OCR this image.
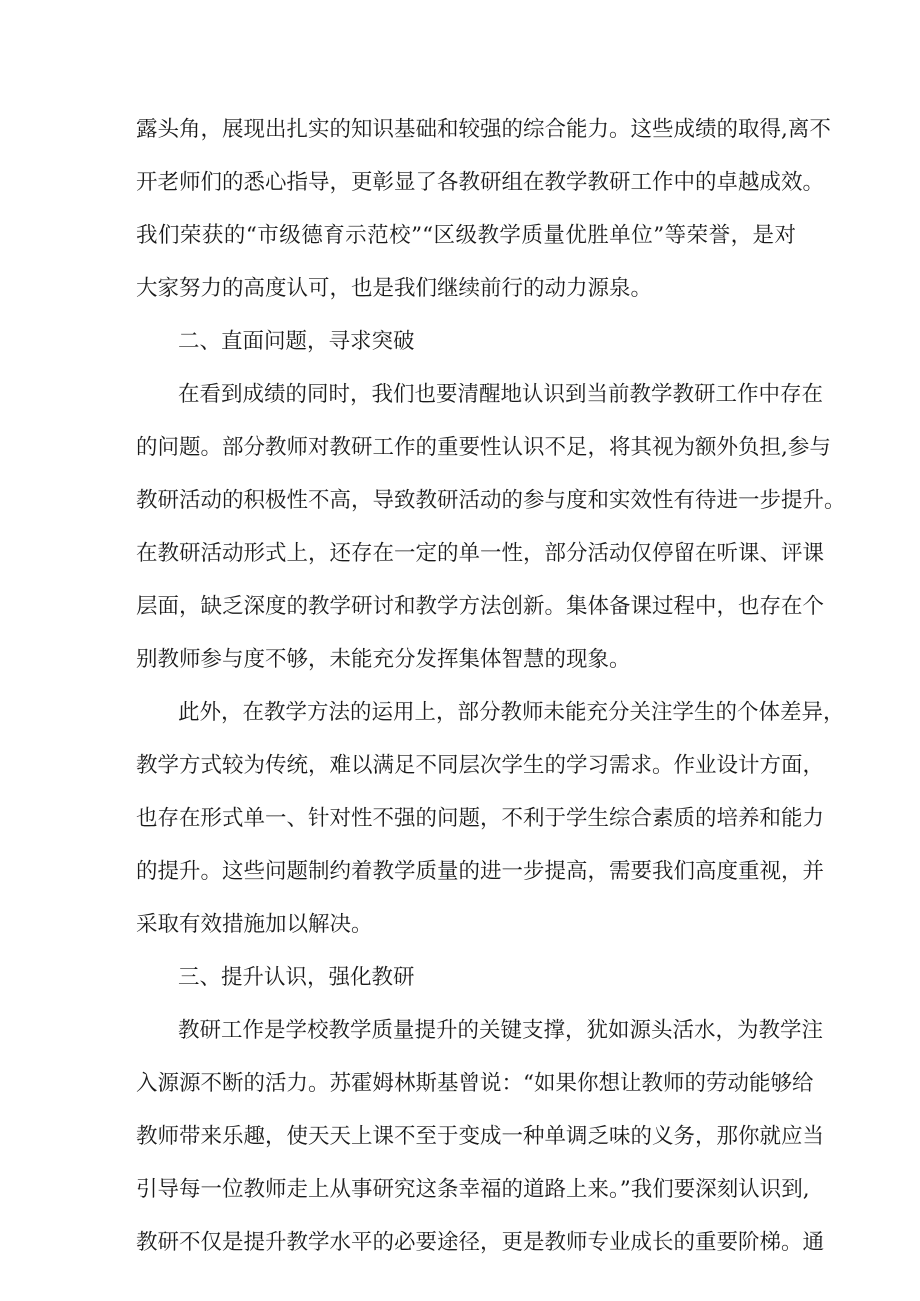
露头角，展现出扎实的知识基础和较强的综合能力。这些成绩的取得,离不
开老师们的悉心指导，更彰显了各教研组在教学教研工作中的卓越成效。
我们荣获的“市级德育示范校”“区级教学质量优胜单位”等荣誉，是对
大家努力的高度认可，也是我们继续前行的动力源泉。
二、直面问题，寻求突破
在看到成绩的同时，我们也要清醒地认识到当前教学教研工作中存在
的问题。部分教师对教研工作的重要性认识不足，将其视为额外负担,参与
教研活动的积极性不高，导致教研活动的参与度和实效性有待进一步提升。
在教研活动形式上，还存在一定的单一性，部分活动仅停留在听课、评课
层面，缺乏深度的教学研讨和教学方法创新。集体备课过程中，也存在个
别教师参与度不够，未能充分发挥集体智慧的现象。
此外，在教学方法的运用上，部分教师未能充分关注学生的个体差异，
教学方式较为传统，难以满足不同层次学生的学习需求。作业设计方面，
也存在形式单一、针对性不强的问题，不利于学生综合素质的培养和能力
的提升。这些问题制约着教学质量的进一步提高，需要我们高度重视，并
采取有效措施加以解决。
三、提升认识，强化教研
教研工作是学校教学质量提升的关键支撑，犹如源头活水，为教学注
入源源不断的活力。苏霍姆林斯基曾说：“如果你想让教师的劳动能够给
教师带来乐趣，使天天上课不至于变成一种单调乏味的义务，那你就应当
引导每一位教师走上从事研究这条幸福的道路上来。”我们要深刻认识到,
教研不仅是提升教学水平的必要途径，更是教师专业成长的重要阶梯。通
